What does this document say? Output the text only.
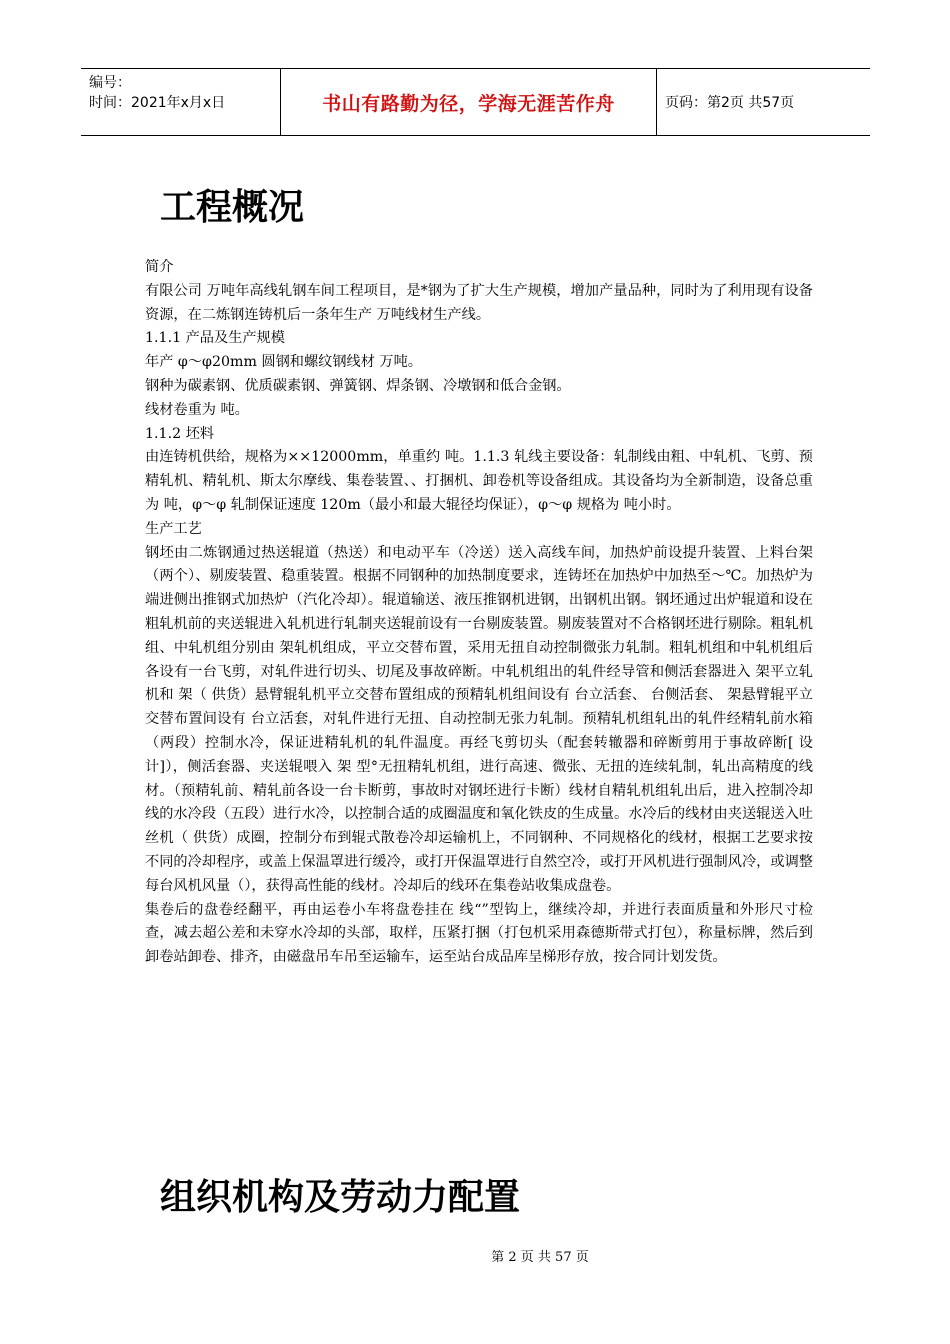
编号：
时间：2021年x月x日	书山有路勤为径，学海无涯苦作舟	页码：第2页 共57页
工程概况

简介

有限公司 万吨年高线轧钢车间工程项目，是*钢为了扩大生产规模，增加产量品种，同时为了利用现有设备资源，在二炼钢连铸机后一条年生产 万吨线材生产线。

1.1.1 产品及生产规模

年产 φ～φ20mm 圆钢和螺纹钢线材 万吨。

钢种为碳素钢、优质碳素钢、弹簧钢、焊条钢、冷墩钢和低合金钢。

线材卷重为 吨。

1.1.2 坯料

由连铸机供给，规格为××12000mm，单重约 吨。1.1.3 轧线主要设备：轧制线由粗、中轧机、飞剪、预精轧机、精轧机、斯太尔摩线、集卷装置、、打捆机、卸卷机等设备组成。其设备均为全新制造，设备总重为 吨，φ～φ 轧制保证速度 120m（最小和最大辊径均保证），φ～φ 规格为 吨小时。

生产工艺

钢坯由二炼钢通过热送辊道（热送）和电动平车（冷送）送入高线车间，加热炉前设提升装置、上料台架（两个）、剔废装置、稳重装置。根据不同钢种的加热制度要求，连铸坯在加热炉中加热至～℃。加热炉为端进侧出推钢式加热炉（汽化冷却）。辊道输送、液压推钢机进钢，出钢机出钢。钢坯通过出炉辊道和设在粗轧机前的夹送辊进入轧机进行轧制夹送辊前设有一台剔废装置。剔废装置对不合格钢坯进行剔除。粗轧机组、中轧机组分别由 架轧机组成，平立交替布置，采用无扭自动控制微张力轧制。粗轧机组和中轧机组后各设有一台飞剪，对轧件进行切头、切尾及事故碎断。中轧机组出的轧件经导管和侧活套器进入 架平立轧机和 架（ 供货）悬臂辊轧机平立交替布置组成的预精轧机组间设有 台立活套、 台侧活套、 架悬臂辊平立交替布置间设有 台立活套，对轧件进行无扭、自动控制无张力轧制。预精轧机组轧出的轧件经精轧前水箱（两段）控制水冷，保证进精轧机的轧件温度。再经飞剪切头（配套转辙器和碎断剪用于事故碎断[ 设计]），侧活套器、夹送辊喂入 架 型°无扭精轧机组，进行高速、微张、无扭的连续轧制，轧出高精度的线材。（预精轧前、精轧前各设一台卡断剪，事故时对钢坯进行卡断）线材自精轧机组轧出后，进入控制冷却线的水冷段（五段）进行水冷，以控制合适的成圈温度和氧化铁皮的生成量。水冷后的线材由夹送辊送入吐丝机（ 供货）成圈，控制分布到辊式散卷冷却运输机上，不同钢种、不同规格化的线材，根据工艺要求按不同的冷却程序，或盖上保温罩进行缓冷，或打开保温罩进行自然空冷，或打开风机进行强制风冷，或调整每台风机风量（），获得高性能的线材。冷却后的线环在集卷站收集成盘卷。

集卷后的盘卷经翻平，再由运卷小车将盘卷挂在 线“”型钩上，继续冷却，并进行表面质量和外形尺寸检查，减去超公差和未穿水冷却的头部，取样，压紧打捆（打包机采用森德斯带式打包），称量标牌，然后到卸卷站卸卷、排齐，由磁盘吊车吊至运输车，运至站台成品库呈梯形存放，按合同计划发货。

组织机构及劳动力配置
第 2 页 共 57 页
